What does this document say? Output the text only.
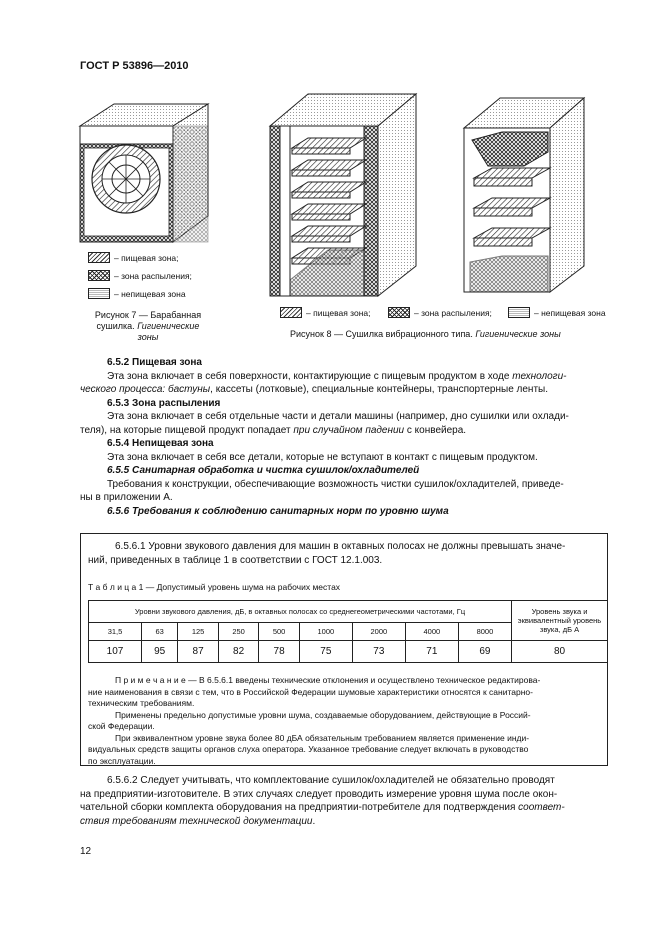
ГОСТ Р 53896—2010
– пищевая зона;
– зона распыления;
– непищевая зона
Рисунок 7 — Барабанная
сушилка. Гигиенические
зоны
– пищевая зона;	– зона распыления;	– непищевая зона
Рисунок 8 — Сушилка вибрационного типа. Гигиенические зоны
6.5.2 Пищевая зона
Эта зона включает в себя поверхности, контактирующие с пищевым продуктом в ходе технологи-
ческого процесса: бастуны, кассеты (лотковые), специальные контейнеры, транспортерные ленты.
6.5.3 Зона распыления
Эта зона включает в себя отдельные части и детали машины (например, дно сушилки или охлади-
теля), на которые пищевой продукт попадает при случайном падении с конвейера.
6.5.4 Непищевая зона
Эта зона включает в себя все детали, которые не вступают в контакт с пищевым продуктом.
6.5.5 Санитарная обработка и чистка сушилок/охладителей
Требования к конструкции, обеспечивающие возможность чистки сушилок/охладителей, приведе-
ны в приложении А.
6.5.6 Требования к соблюдению санитарных норм по уровню шума
6.5.6.1 Уровни звукового давления для машин в октавных полосах не должны превышать значе-
ний, приведенных в таблице 1 в соответствии с ГОСТ 12.1.003.
Т а б л и ц а 1 — Допустимый уровень шума на рабочих местах
Уровни звукового давления, дБ, в октавных полосах со среднегеометрическими частотами, Гц									Уровень звука и эквивалентный уровень звука, дБ А
31,5	63	125	250	500	1000	2000	4000	8000	
107	95	87	82	78	75	73	71	69	80
П р и м е ч а н и е — В 6.5.6.1 введены технические отклонения и осуществлено техническое редактирова-
ние наименования в связи с тем, что в Российской Федерации шумовые характеристики относятся к санитарно-
техническим требованиям.
Применены предельно допустимые уровни шума, создаваемые оборудованием, действующие в Россий-
ской Федерации.
При эквивалентном уровне звука более 80 дБА обязательным требованием является применение инди-
видуальных средств защиты органов слуха оператора. Указанное требование следует включать в руководство
по эксплуатации.
6.5.6.2 Следует учитывать, что комплектование сушилок/охладителей не обязательно проводят
на предприятии-изготовителе. В этих случаях следует проводить измерение уровня шума после окон-
чательной сборки комплекта оборудования на предприятии-потребителе для подтверждения соответ-
ствия требованиям технической документации.
12
